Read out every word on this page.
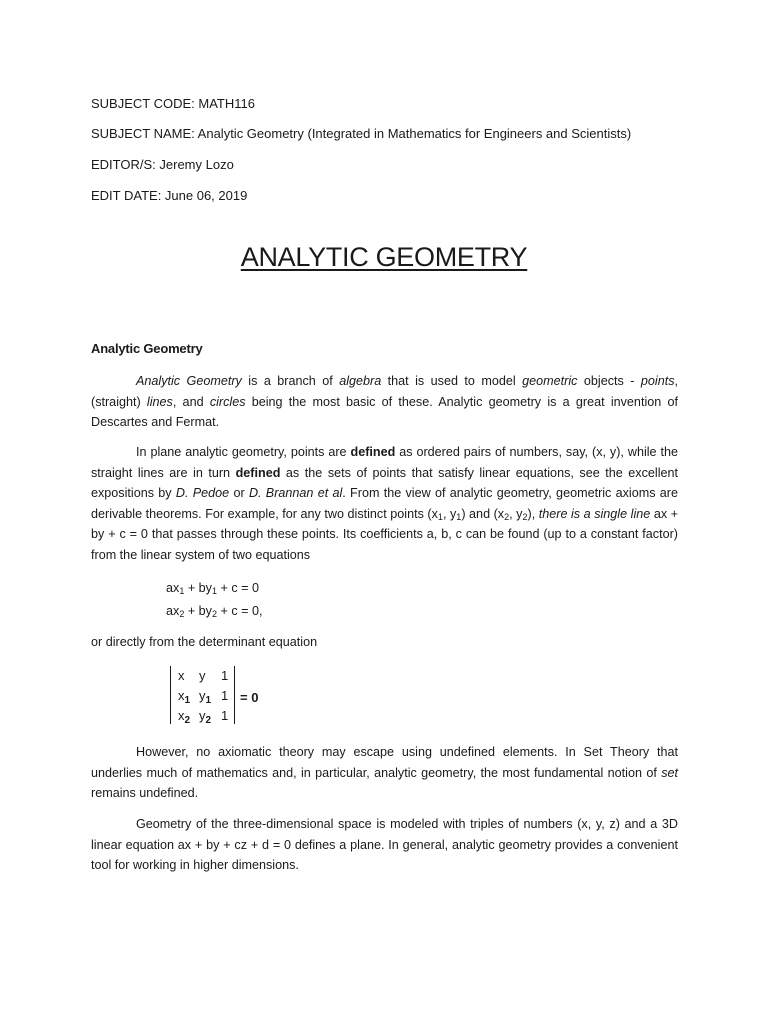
SUBJECT CODE: MATH116
SUBJECT NAME: Analytic Geometry (Integrated in Mathematics for Engineers and Scientists)
EDITOR/S: Jeremy Lozo
EDIT DATE: June 06, 2019
ANALYTIC GEOMETRY
Analytic Geometry
Analytic Geometry is a branch of algebra that is used to model geometric objects - points, (straight) lines, and circles being the most basic of these. Analytic geometry is a great invention of Descartes and Fermat.
In plane analytic geometry, points are defined as ordered pairs of numbers, say, (x, y), while the straight lines are in turn defined as the sets of points that satisfy linear equations, see the excellent expositions by D. Pedoe or D. Brannan et al. From the view of analytic geometry, geometric axioms are derivable theorems. For example, for any two distinct points ($x_1$, $y_1$) and ($x_2$, $y_2$), there is a single line ax + by + c = 0 that passes through these points. Its coefficients a, b, c can be found (up to a constant factor) from the linear system of two equations
$ax_1 + by_1 + c = 0$
$ax_2 + by_2 + c = 0$,
or directly from the determinant equation
x y 1
$x_1$ $y_1$ 1
$x_2$ $y_2$ 1
= 0
However, no axiomatic theory may escape using undefined elements. In Set Theory that underlies much of mathematics and, in particular, analytic geometry, the most fundamental notion of set remains undefined.
Geometry of the three-dimensional space is modeled with triples of numbers (x, y, z) and a 3D linear equation ax + by + cz + d = 0 defines a plane. In general, analytic geometry provides a convenient tool for working in higher dimensions.
